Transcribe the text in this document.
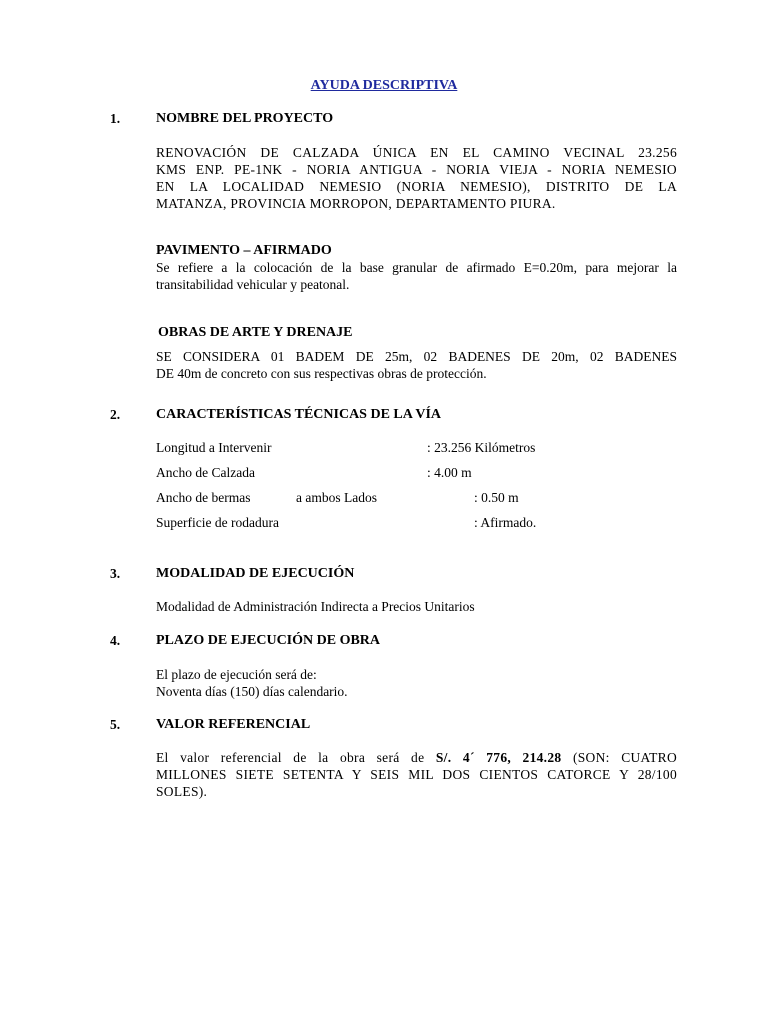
AYUDA DESCRIPTIVA
1.	NOMBRE DEL PROYECTO
RENOVACIÓN DE CALZADA ÚNICA EN EL CAMINO VECINAL 23.256
KMS ENP. PE-1NK - NORIA ANTIGUA - NORIA VIEJA - NORIA NEMESIO
EN LA LOCALIDAD NEMESIO (NORIA NEMESIO), DISTRITO DE LA
MATANZA, PROVINCIA MORROPON, DEPARTAMENTO PIURA.
PAVIMENTO – AFIRMADO
Se refiere a la colocación de la base granular de afirmado E=0.20m, para mejorar la
transitabilidad vehicular y peatonal.
OBRAS DE ARTE Y DRENAJE
SE CONSIDERA 01 BADEM DE 25m, 02 BADENES DE 20m, 02 BADENES
DE 40m de concreto con sus respectivas obras de protección.
2.	CARACTERÍSTICAS TÉCNICAS DE LA VÍA
Longitud a Intervenir	: 23.256 Kilómetros
Ancho de Calzada	: 4.00 m
Ancho de bermas	a ambos Lados	: 0.50 m
Superficie de rodadura	: Afirmado.
3.	MODALIDAD DE EJECUCIÓN
Modalidad de Administración Indirecta a Precios Unitarios
4.	PLAZO DE EJECUCIÓN DE OBRA
El plazo de ejecución será de:
Noventa días (150) días calendario.
5.	VALOR REFERENCIAL
El valor referencial de la obra será de S/. 4´ 776, 214.28 (SON: CUATRO
MILLONES SIETE SETENTA Y SEIS MIL DOS CIENTOS CATORCE Y 28/100
SOLES).
